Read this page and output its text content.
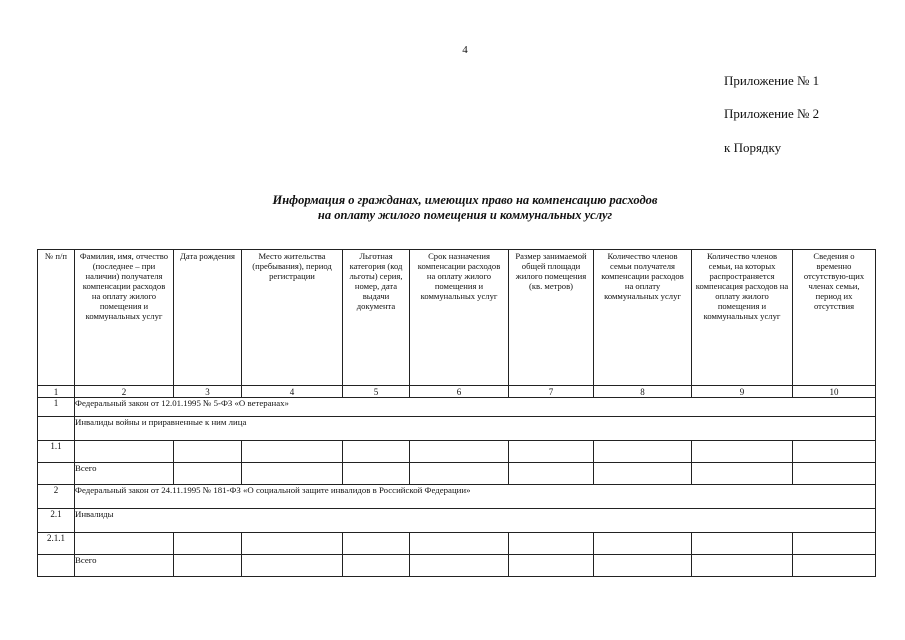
4
Приложение № 1
Приложение № 2
к Порядку
Информация о гражданах, имеющих право на компенсацию расходов
на оплату жилого помещения и коммунальных услуг
№ п/п	Фамилия, имя, отчество (последнее – при наличии) получателя компенсации расходов на оплату жилого помещения и коммунальных услуг	Дата рождения	Место жительства (пребывания), период регистрации	Льготная категория (код льготы) серия, номер, дата выдачи документа	Срок назначения компенсации расходов на оплату жилого помещения и коммунальных услуг	Размер занимаемой общей площади жилого помещения (кв. метров)	Количество членов семьи получателя компенсации расходов на оплату коммунальных услуг	Количество членов семьи, на которых распространяется компенсация расходов на оплату жилого помещения и коммунальных услуг	Сведения о временно отсутствую-щих членах семьи, период их отсутствия
1	2	3	4	5	6	7	8	9	10
1	Федеральный закон от 12.01.1995 № 5-ФЗ «О ветеранах»								
	Инвалиды войны и приравненные к ним лица								
1.1									
	Всего								
2	Федеральный закон от 24.11.1995 № 181-ФЗ «О социальной защите инвалидов в Российской Федерации»								
2.1	Инвалиды								
2.1.1									
	Всего								
